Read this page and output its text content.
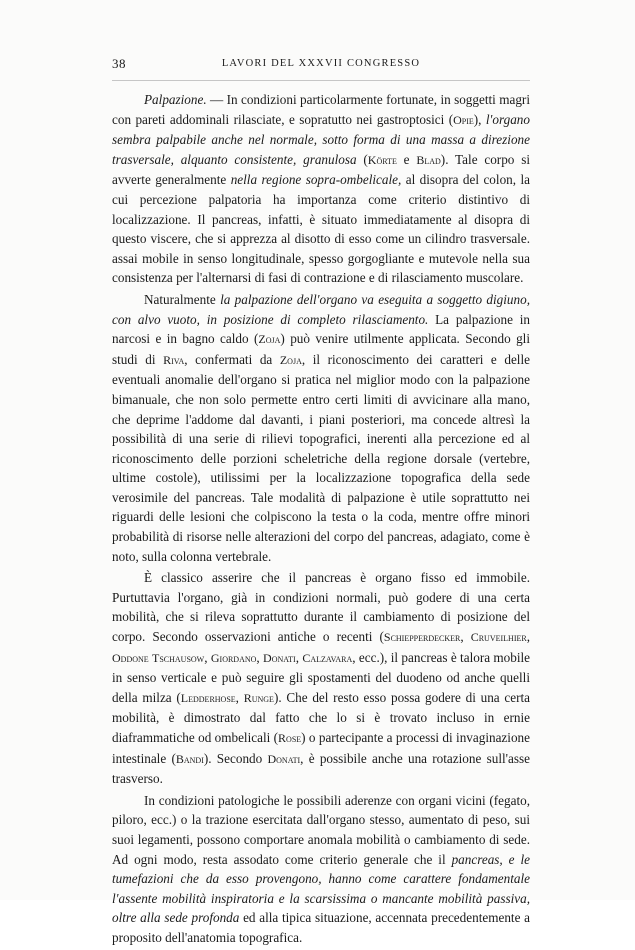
38	LAVORI DEL XXXVII CONGRESSO

Palpazione. — In condizioni particolarmente fortunate, in soggetti magri con pareti addominali rilasciate, e sopratutto nei gastroptosici (Opie), l'organo sembra palpabile anche nel normale, sotto forma di una massa a direzione trasversale, alquanto consistente, granulosa (Körte e Blad). Tale corpo si avverte generalmente nella regione sopra-ombelicale, al disopra del colon, la cui percezione palpatoria ha importanza come criterio distintivo di localizzazione. Il pancreas, infatti, è situato immediatamente al disopra di questo viscere, che si apprezza al disotto di esso come un cilindro trasversale. assai mobile in senso longitudinale, spesso gorgogliante e mutevole nella sua consistenza per l'alternarsi di fasi di contrazione e di rilasciamento muscolare.

Naturalmente la palpazione dell'organo va eseguita a soggetto digiuno, con alvo vuoto, in posizione di completo rilasciamento. La palpazione in narcosi e in bagno caldo (Zoja) può venire utilmente applicata. Secondo gli studi di Riva, confermati da Zoja, il riconoscimento dei caratteri e delle eventuali anomalie dell'organo si pratica nel miglior modo con la palpazione bimanuale, che non solo permette entro certi limiti di avvicinare alla mano, che deprime l'addome dal davanti, i piani posteriori, ma concede altresì la possibilità di una serie di rilievi topografici, inerenti alla percezione ed al riconoscimento delle porzioni scheletriche della regione dorsale (vertebre, ultime costole), utilissimi per la localizzazione topografica della sede verosimile del pancreas. Tale modalità di palpazione è utile soprattutto nei riguardi delle lesioni che colpiscono la testa o la coda, mentre offre minori probabilità di risorse nelle alterazioni del corpo del pancreas, adagiato, come è noto, sulla colonna vertebrale.

È classico asserire che il pancreas è organo fisso ed immobile. Purtuttavia l'organo, già in condizioni normali, può godere di una certa mobilità, che si rileva soprattutto durante il cambiamento di posizione del corpo. Secondo osservazioni antiche o recenti (Schiepperdecker, Cruveilhier, Oddone Tschausow, Giordano, Donati, Calzavara, ecc.), il pancreas è talora mobile in senso verticale e può seguire gli spostamenti del duodeno od anche quelli della milza (Ledderhose, Runge). Che del resto esso possa godere di una certa mobilità, è dimostrato dal fatto che lo si è trovato incluso in ernie diaframmatiche od ombelicali (Rose) o partecipante a processi di invaginazione intestinale (Bandi). Secondo Donati, è possibile anche una rotazione sull'asse trasverso.

In condizioni patologiche le possibili aderenze con organi vicini (fegato, piloro, ecc.) o la trazione esercitata dall'organo stesso, aumentato di peso, sui suoi legamenti, possono comportare anomala mobilità o cambiamento di sede. Ad ogni modo, resta assodato come criterio generale che il pancreas, e le tumefazioni che da esso provengono, hanno come carattere fondamentale l'assente mobilità inspiratoria e la scarsissima o mancante mobilità passiva, oltre alla sede profonda ed alla tipica situazione, accennata precedentemente a proposito dell'anatomia topografica.
